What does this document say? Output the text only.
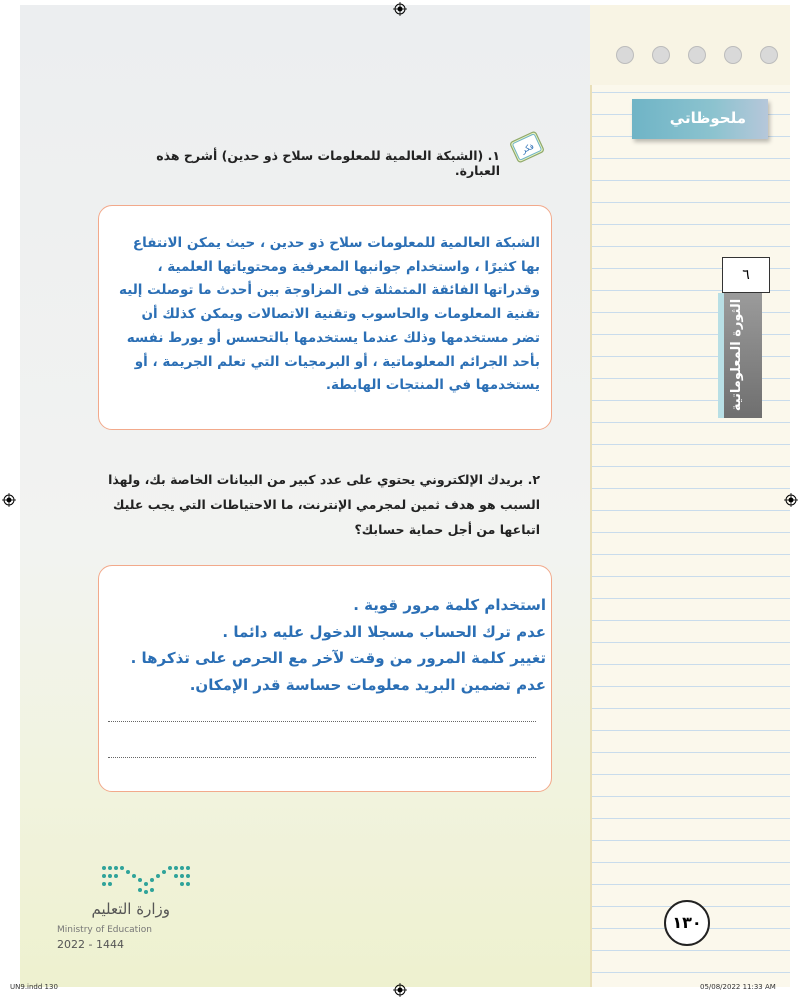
ملحوظاتي
٦
الثورة المعلوماتية
فكر
١. (الشبكة العالمية للمعلومات سلاح ذو حدين) أشرح هذه العبارة.
الشبكة العالمية للمعلومات سلاح ذو حدين ، حيث يمكن الانتفاع بها كثيرًا ، واستخدام جوانبها المعرفية ومحتوياتها العلمية ، وقدراتها الفائقة المتمثلة فى المزاوجة بين أحدث ما توصلت إليه تقنية المعلومات والحاسوب وتقنية الاتصالات ويمكن كذلك أن تضر مستخدمها وذلك عندما يستخدمها بالتحسس أو يورط نفسه بأحد الجرائم المعلوماتية ، أو البرمجيات التي تعلم الجريمة ، أو يستخدمها في المنتجات الهابطة.
٢. بريدك الإلكتروني يحتوي على عدد كبير من البيانات الخاصة بك، ولهذا السبب هو هدف ثمين لمجرمي الإنترنت، ما الاحتياطات التي يجب عليك اتباعها من أجل حماية حسابك؟
استخدام كلمة مرور قوية .
عدم ترك الحساب مسجلا الدخول عليه دائما .
تغيير كلمة المرور من وقت لآخر مع الحرص على تذكرها .
عدم تضمين البريد معلومات حساسة قدر الإمكان.
١٣٠
وزارة التعليم
Ministry of Education
2022 - 1444
UN9.indd 130	05/08/2022 11:33 AM
